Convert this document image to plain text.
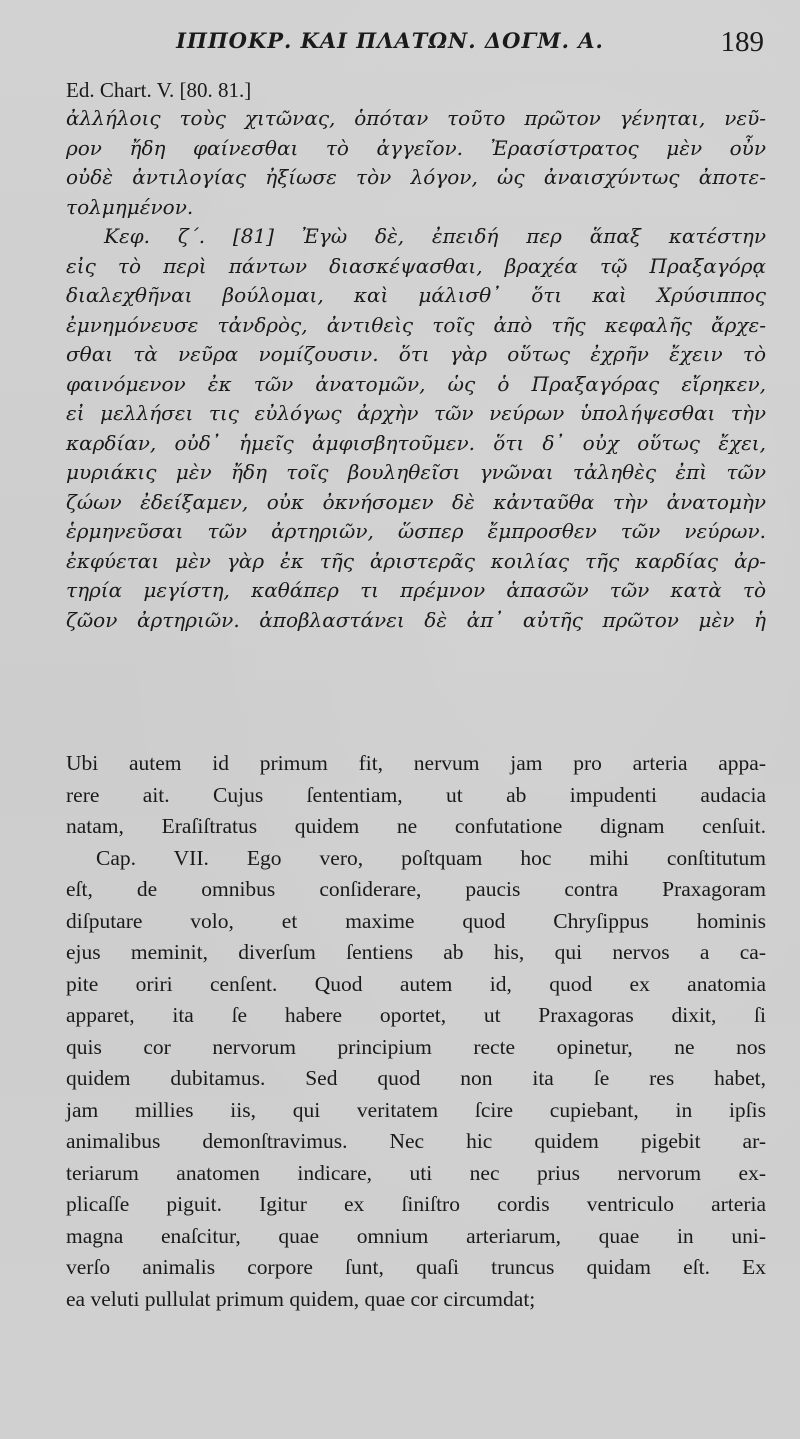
ΙΠΠΟΚΡ. ΚΑΙ ΠΛΑΤΩΝ. ΔΟΓΜ. Α.	189
Ed. Chart. V. [80. 81.]
ἀλλήλοις τοὺς χιτῶνας, ὁπόταν τοῦτο πρῶτον γένηται, νεῦ-
ρον ἤδη φαίνεσθαι τὸ ἀγγεῖον. Ἐρασίστρατος μὲν οὖν
οὐδὲ ἀντιλογίας ἠξίωσε τὸν λόγον, ὡς ἀναισχύντως ἀποτε-
τολμημένον.
Κεφ. ζ΄. [81] Ἐγὼ δὲ, ἐπειδή περ ἅπαξ κατέστην
εἰς τὸ περὶ πάντων διασκέψασθαι, βραχέα τῷ Πραξαγόρᾳ
διαλεχθῆναι βούλομαι, καὶ μάλισθ᾽ ὅτι καὶ Χρύσιππος
ἐμνημόνευσε τἀνδρὸς, ἀντιθεὶς τοῖς ἀπὸ τῆς κεφαλῆς ἄρχε-
σθαι τὰ νεῦρα νομίζουσιν. ὅτι γὰρ οὕτως ἐχρῆν ἔχειν τὸ
φαινόμενον ἐκ τῶν ἀνατομῶν, ὡς ὁ Πραξαγόρας εἴρηκεν,
εἰ μελλήσει τις εὐλόγως ἀρχὴν τῶν νεύρων ὑπολήψεσθαι τὴν
καρδίαν, οὐδ᾽ ἡμεῖς ἀμφισβητοῦμεν. ὅτι δ᾽ οὐχ οὕτως ἔχει,
μυριάκις μὲν ἤδη τοῖς βουληθεῖσι γνῶναι τἀληθὲς ἐπὶ τῶν
ζώων ἐδείξαμεν, οὐκ ὀκνήσομεν δὲ κἀνταῦθα τὴν ἀνατομὴν
ἑρμηνεῦσαι τῶν ἀρτηριῶν, ὥσπερ ἔμπροσθεν τῶν νεύρων.
ἐκφύεται μὲν γὰρ ἐκ τῆς ἀριστερᾶς κοιλίας τῆς καρδίας ἀρ-
τηρία μεγίστη, καθάπερ τι πρέμνον ἁπασῶν τῶν κατὰ τὸ
ζῶον ἀρτηριῶν. ἀποβλαστάνει δὲ ἀπ᾽ αὐτῆς πρῶτον μὲν ἡ
Ubi autem id primum fit, nervum jam pro arteria appa-
rere ait. Cujus ſententiam, ut ab impudenti audacia
natam, Eraſiſtratus quidem ne confutatione dignam cenſuit.
Cap. VII. Ego vero, poſtquam hoc mihi conſtitutum
eſt, de omnibus conſiderare, paucis contra Praxagoram
diſputare volo, et maxime quod Chryſippus hominis
ejus meminit, diverſum ſentiens ab his, qui nervos a ca-
pite oriri cenſent. Quod autem id, quod ex anatomia
apparet, ita ſe habere oportet, ut Praxagoras dixit, ſi
quis cor nervorum principium recte opinetur, ne nos
quidem dubitamus. Sed quod non ita ſe res habet,
jam millies iis, qui veritatem ſcire cupiebant, in ipſis
animalibus demonſtravimus. Nec hic quidem pigebit ar-
teriarum anatomen indicare, uti nec prius nervorum ex-
plicaſſe piguit. Igitur ex ſiniſtro cordis ventriculo arteria
magna enaſcitur, quae omnium arteriarum, quae in uni-
verſo animalis corpore ſunt, quaſi truncus quidam eſt. Ex
ea veluti pullulat primum quidem, quae cor circumdat;
